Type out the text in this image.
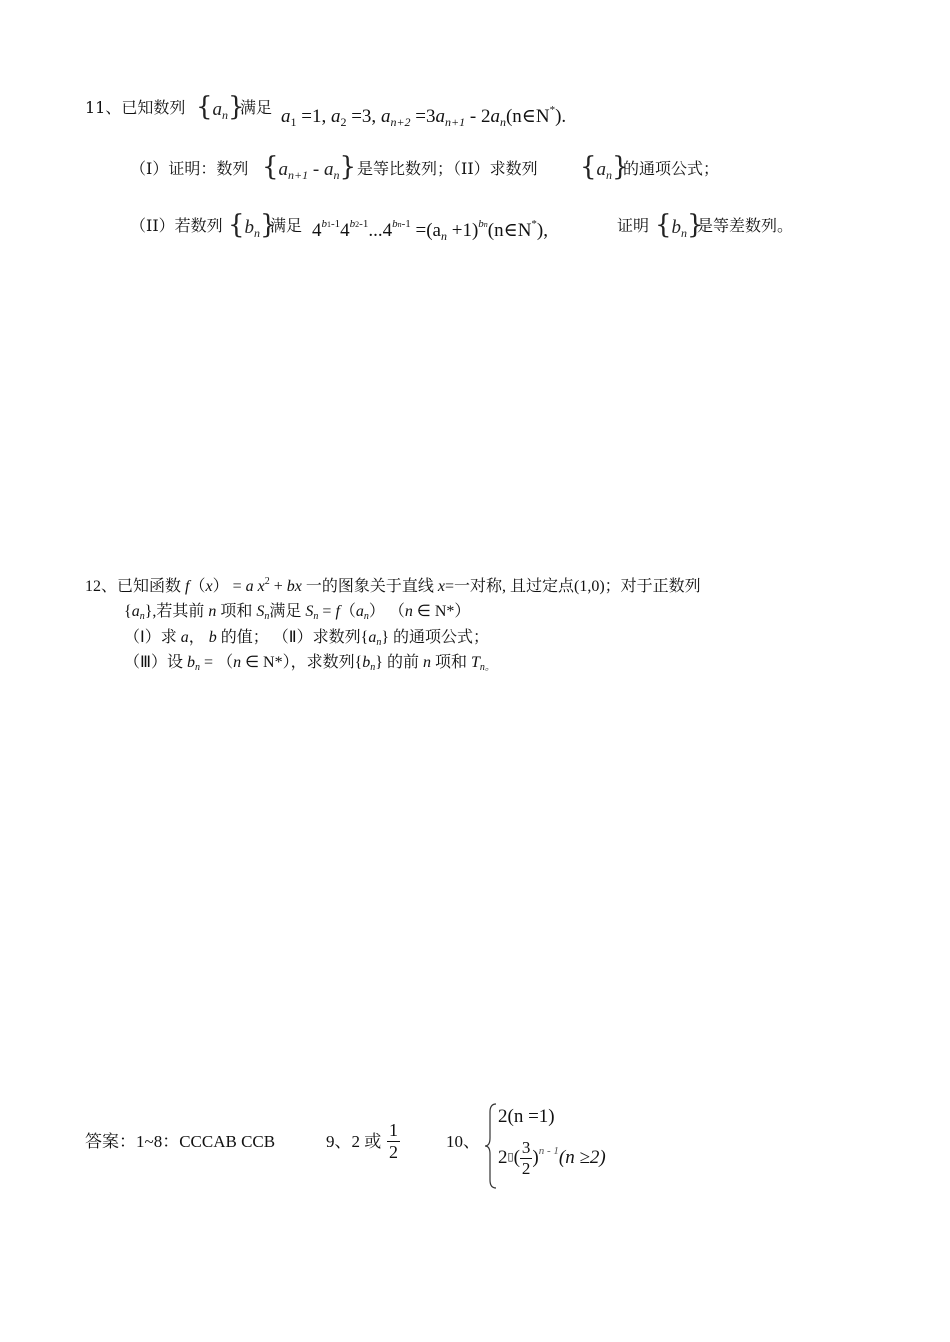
11、已知数列 $\{a_n\}$
满足 $a_1 =1$, $a_2 =3$, $a_{n+2} =3a_{n+1}$ - $2a_n(n\in N^*)$.
（I）证明：数列 $\{a_{n+1} - a_n\}$ 是等比数列；（II）求数列 $\{a_n\}$
的通项公式；
（II）若数列 $\{b_n\}$
满足 $4^{b1-1}4^{b2-1}...4^{bn-1} =(a_n$ $+1)^{bn}(n\in N^*)$,	证明 $\{b_n\}$
是等差数列。
12、已知函数 f（x） = a $x^2$ + bx 一的图象关于直线 x=一对称, 且过定点(1,0)；对于正数列
{an},若其前 n 项和 Sn满足 Sn = f（an） （n ∈ N*）
（Ⅰ）求 a， b 的值； （Ⅱ）求数列{an} 的通项公式；
（Ⅲ）设 bn = （n ∈ N*），求数列{bn} 的前 n 项和 Tn。
答案：1~8：CCCAB CCB	9、2 或 $\frac{1}{2}$	10、
2(n =1)
2▯( $\frac{3}{2} )^{n - 1}(n \ge 2)$
